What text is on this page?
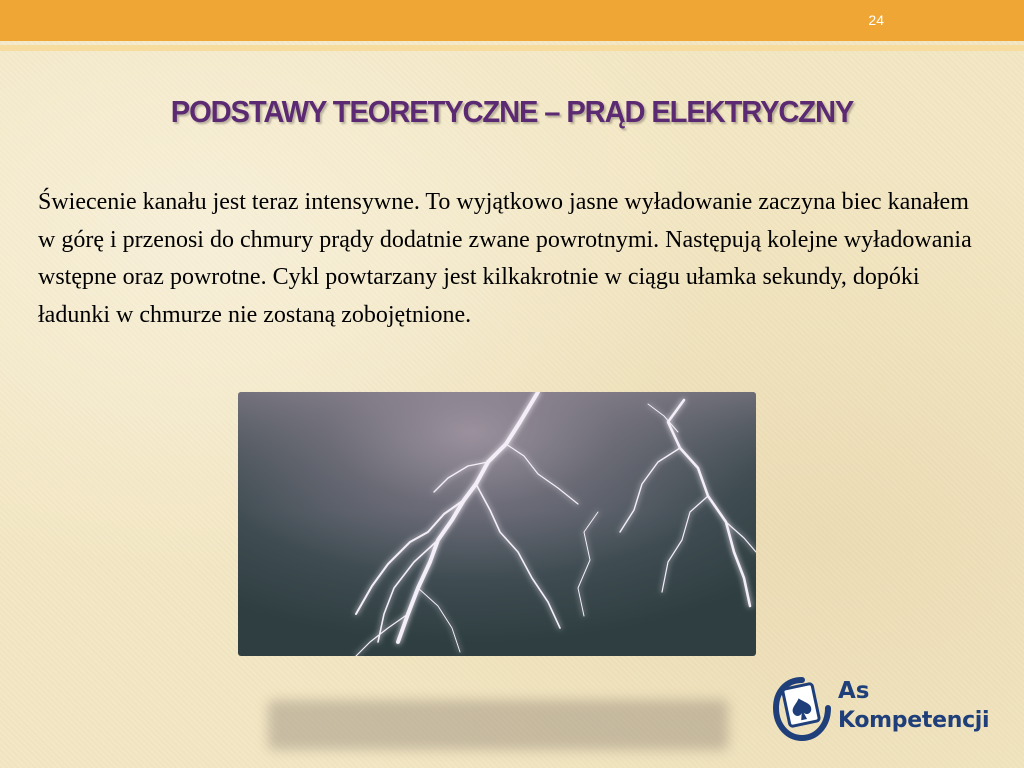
24
PODSTAWY TEORETYCZNE – PRĄD ELEKTRYCZNY

Świecenie kanału jest teraz intensywne. To wyjątkowo jasne wyładowanie zaczyna biec kanałem w górę i przenosi do chmury prądy dodatnie zwane powrotnymi. Następują kolejne wyładowania wstępne oraz powrotne. Cykl powtarzany jest kilkakrotnie w ciągu ułamka sekundy, dopóki ładunki w chmurze nie zostaną zobojętnione.

As
Kompetencji
